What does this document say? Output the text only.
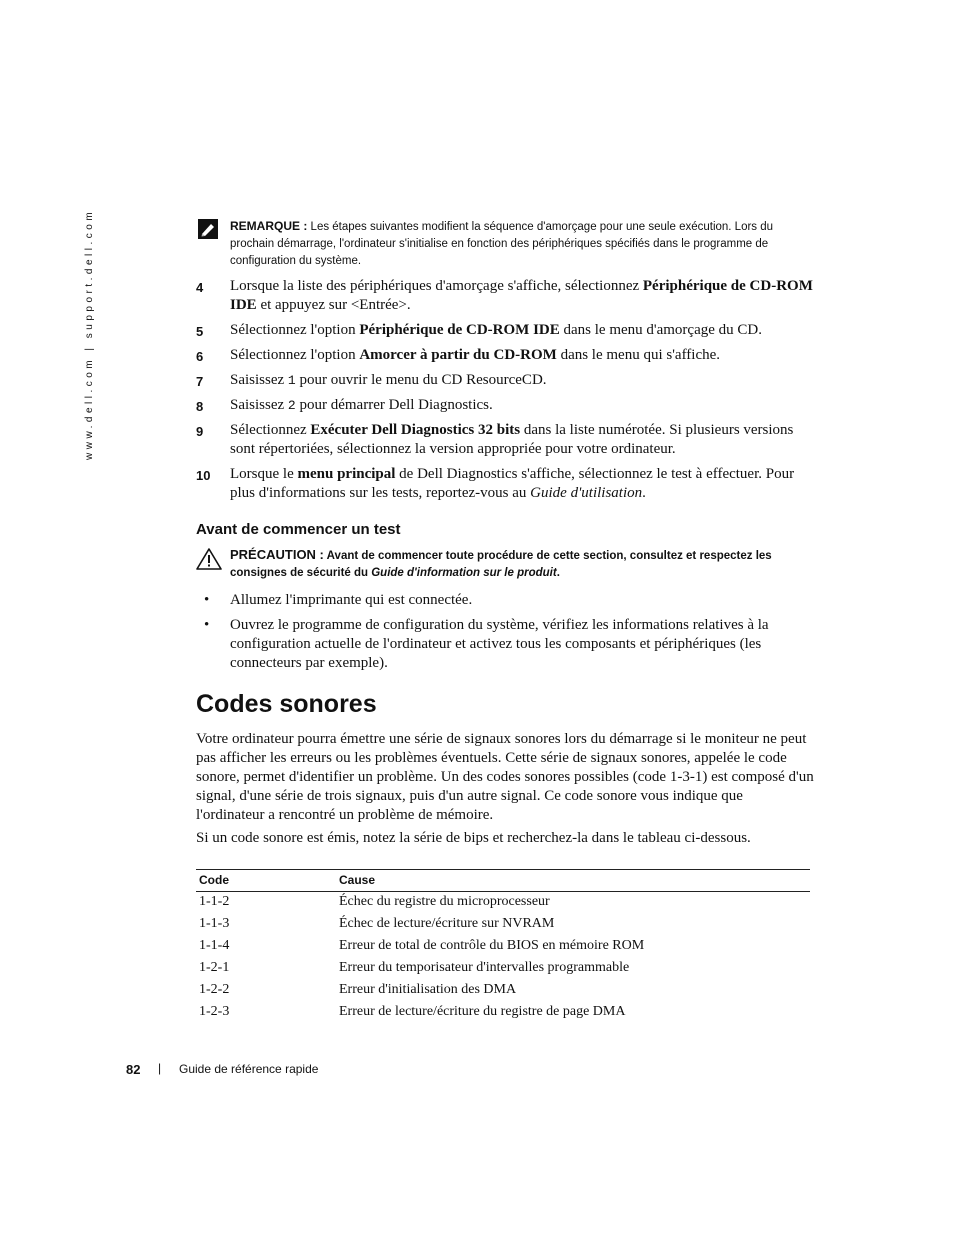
www.dell.com | support.dell.com	REMARQUE : Les étapes suivantes modifient la séquence d'amorçage pour une seule exécution. Lors du prochain démarrage, l'ordinateur s'initialise en fonction des périphériques spécifiés dans le programme de configuration du système.
4	Lorsque la liste des périphériques d'amorçage s'affiche, sélectionnez Périphérique de CD-ROM IDE et appuyez sur <Entrée>.
5	Sélectionnez l'option Périphérique de CD-ROM IDE dans le menu d'amorçage du CD.
6	Sélectionnez l'option Amorcer à partir du CD-ROM dans le menu qui s'affiche.
7	Saisissez 1 pour ouvrir le menu du CD ResourceCD.
8	Saisissez 2 pour démarrer Dell Diagnostics.
9	Sélectionnez Exécuter Dell Diagnostics 32 bits dans la liste numérotée. Si plusieurs versions sont répertoriées, sélectionnez la version appropriée pour votre ordinateur.
10	Lorsque le menu principal de Dell Diagnostics s'affiche, sélectionnez le test à effectuer. Pour plus d'informations sur les tests, reportez-vous au Guide d'utilisation.
Avant de commencer un test
PRÉCAUTION : Avant de commencer toute procédure de cette section, consultez et respectez les consignes de sécurité du Guide d'information sur le produit.
• Allumez l'imprimante qui est connectée.
• Ouvrez le programme de configuration du système, vérifiez les informations relatives à la configuration actuelle de l'ordinateur et activez tous les composants et périphériques (les connecteurs par exemple).
Codes sonores
Votre ordinateur pourra émettre une série de signaux sonores lors du démarrage si le moniteur ne peut pas afficher les erreurs ou les problèmes éventuels. Cette série de signaux sonores, appelée le code sonore, permet d'identifier un problème. Un des codes sonores possibles (code 1-3-1) est composé d'un signal, d'une série de trois signaux, puis d'un autre signal. Ce code sonore vous indique que l'ordinateur a rencontré un problème de mémoire.
Si un code sonore est émis, notez la série de bips et recherchez-la dans le tableau ci-dessous.
Code	Cause
1-1-2	Échec du registre du microprocesseur
1-1-3	Échec de lecture/écriture sur NVRAM
1-1-4	Erreur de total de contrôle du BIOS en mémoire ROM
1-2-1	Erreur du temporisateur d'intervalles programmable
1-2-2	Erreur d'initialisation des DMA
1-2-3	Erreur de lecture/écriture du registre de page DMA
82 | Guide de référence rapide
